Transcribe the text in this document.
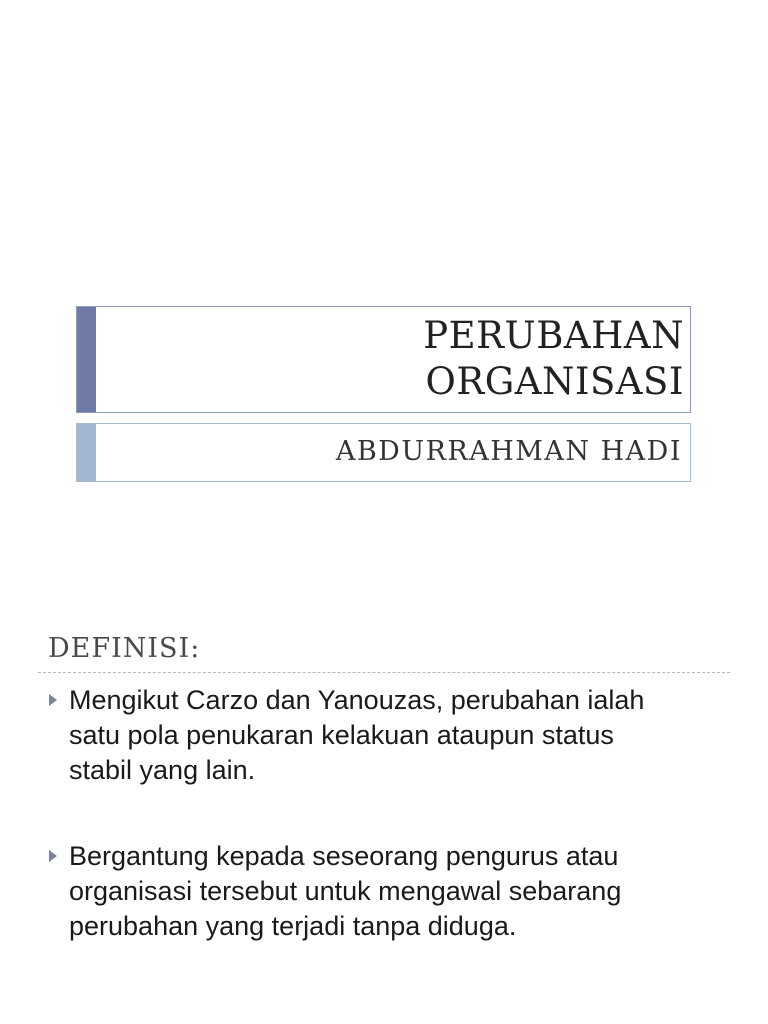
PERUBAHAN
ORGANISASI
ABDURRAHMAN HADI
DEFINISI:
Mengikut Carzo dan Yanouzas, perubahan ialah
satu pola penukaran kelakuan ataupun status
stabil yang lain.
Bergantung kepada seseorang pengurus atau
organisasi tersebut untuk mengawal sebarang
perubahan yang terjadi tanpa diduga.
